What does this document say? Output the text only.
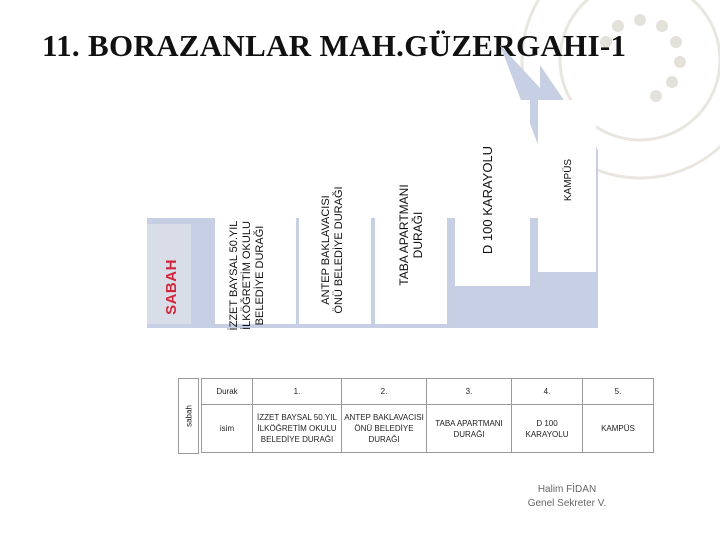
11. BORAZANLAR MAH.GÜZERGAHI-1
SABAH	İZZET BAYSAL 50.YIL İLKÖĞRETİM OKULU BELEDİYE DURAĞI	ANTEP BAKLAVACISI ÖNÜ BELEDİYE DURAĞI	TABA APARTMANI DURAĞI	D 100 KARAYOLU	KAMPÜS
sabah
Durak	1.	2.	3.	4.	5.
isim	İZZET BAYSAL 50.YIL İLKÖĞRETİM OKULU BELEDİYE DURAĞI	ANTEP BAKLAVACISI ÖNÜ BELEDİYE DURAĞI	TABA APARTMANI DURAĞI	D 100 KARAYOLU	KAMPÜS
Halim FİDAN
Genel Sekreter V.
